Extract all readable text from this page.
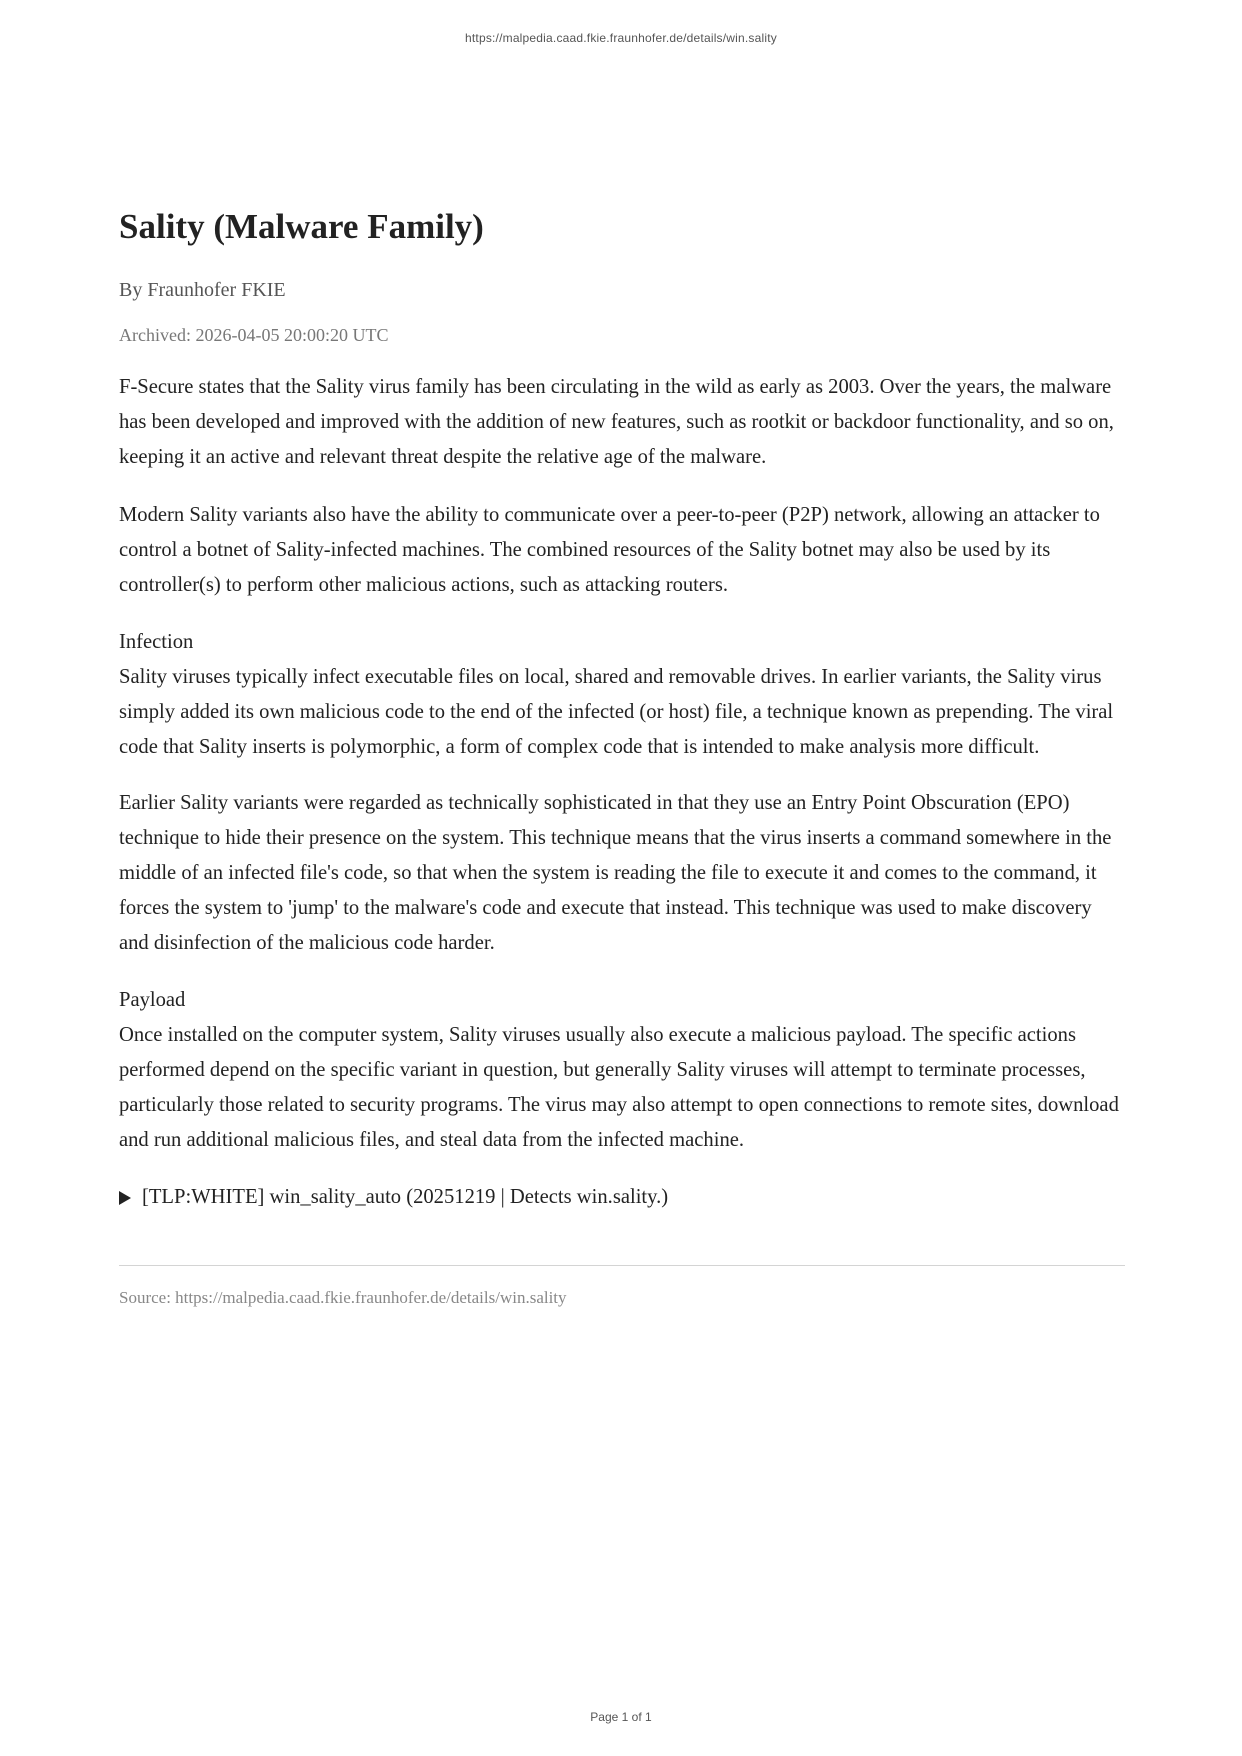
https://malpedia.caad.fkie.fraunhofer.de/details/win.sality
Sality (Malware Family)
By Fraunhofer FKIE
Archived: 2026-04-05 20:00:20 UTC

F-Secure states that the Sality virus family has been circulating in the wild as early as 2003. Over the years, the malware has been developed and improved with the addition of new features, such as rootkit or backdoor functionality, and so on, keeping it an active and relevant threat despite the relative age of the malware.

Modern Sality variants also have the ability to communicate over a peer-to-peer (P2P) network, allowing an attacker to control a botnet of Sality-infected machines. The combined resources of the Sality botnet may also be used by its controller(s) to perform other malicious actions, such as attacking routers.

Infection

Sality viruses typically infect executable files on local, shared and removable drives. In earlier variants, the Sality virus simply added its own malicious code to the end of the infected (or host) file, a technique known as prepending. The viral code that Sality inserts is polymorphic, a form of complex code that is intended to make analysis more difficult.

Earlier Sality variants were regarded as technically sophisticated in that they use an Entry Point Obscuration (EPO) technique to hide their presence on the system. This technique means that the virus inserts a command somewhere in the middle of an infected file's code, so that when the system is reading the file to execute it and comes to the command, it forces the system to 'jump' to the malware's code and execute that instead. This technique was used to make discovery and disinfection of the malicious code harder.

Payload

Once installed on the computer system, Sality viruses usually also execute a malicious payload. The specific actions performed depend on the specific variant in question, but generally Sality viruses will attempt to terminate processes, particularly those related to security programs. The virus may also attempt to open connections to remote sites, download and run additional malicious files, and steal data from the infected machine.

[TLP:WHITE] win_sality_auto (20251219 | Detects win.sality.)
Source: https://malpedia.caad.fkie.fraunhofer.de/details/win.sality
Page 1 of 1
